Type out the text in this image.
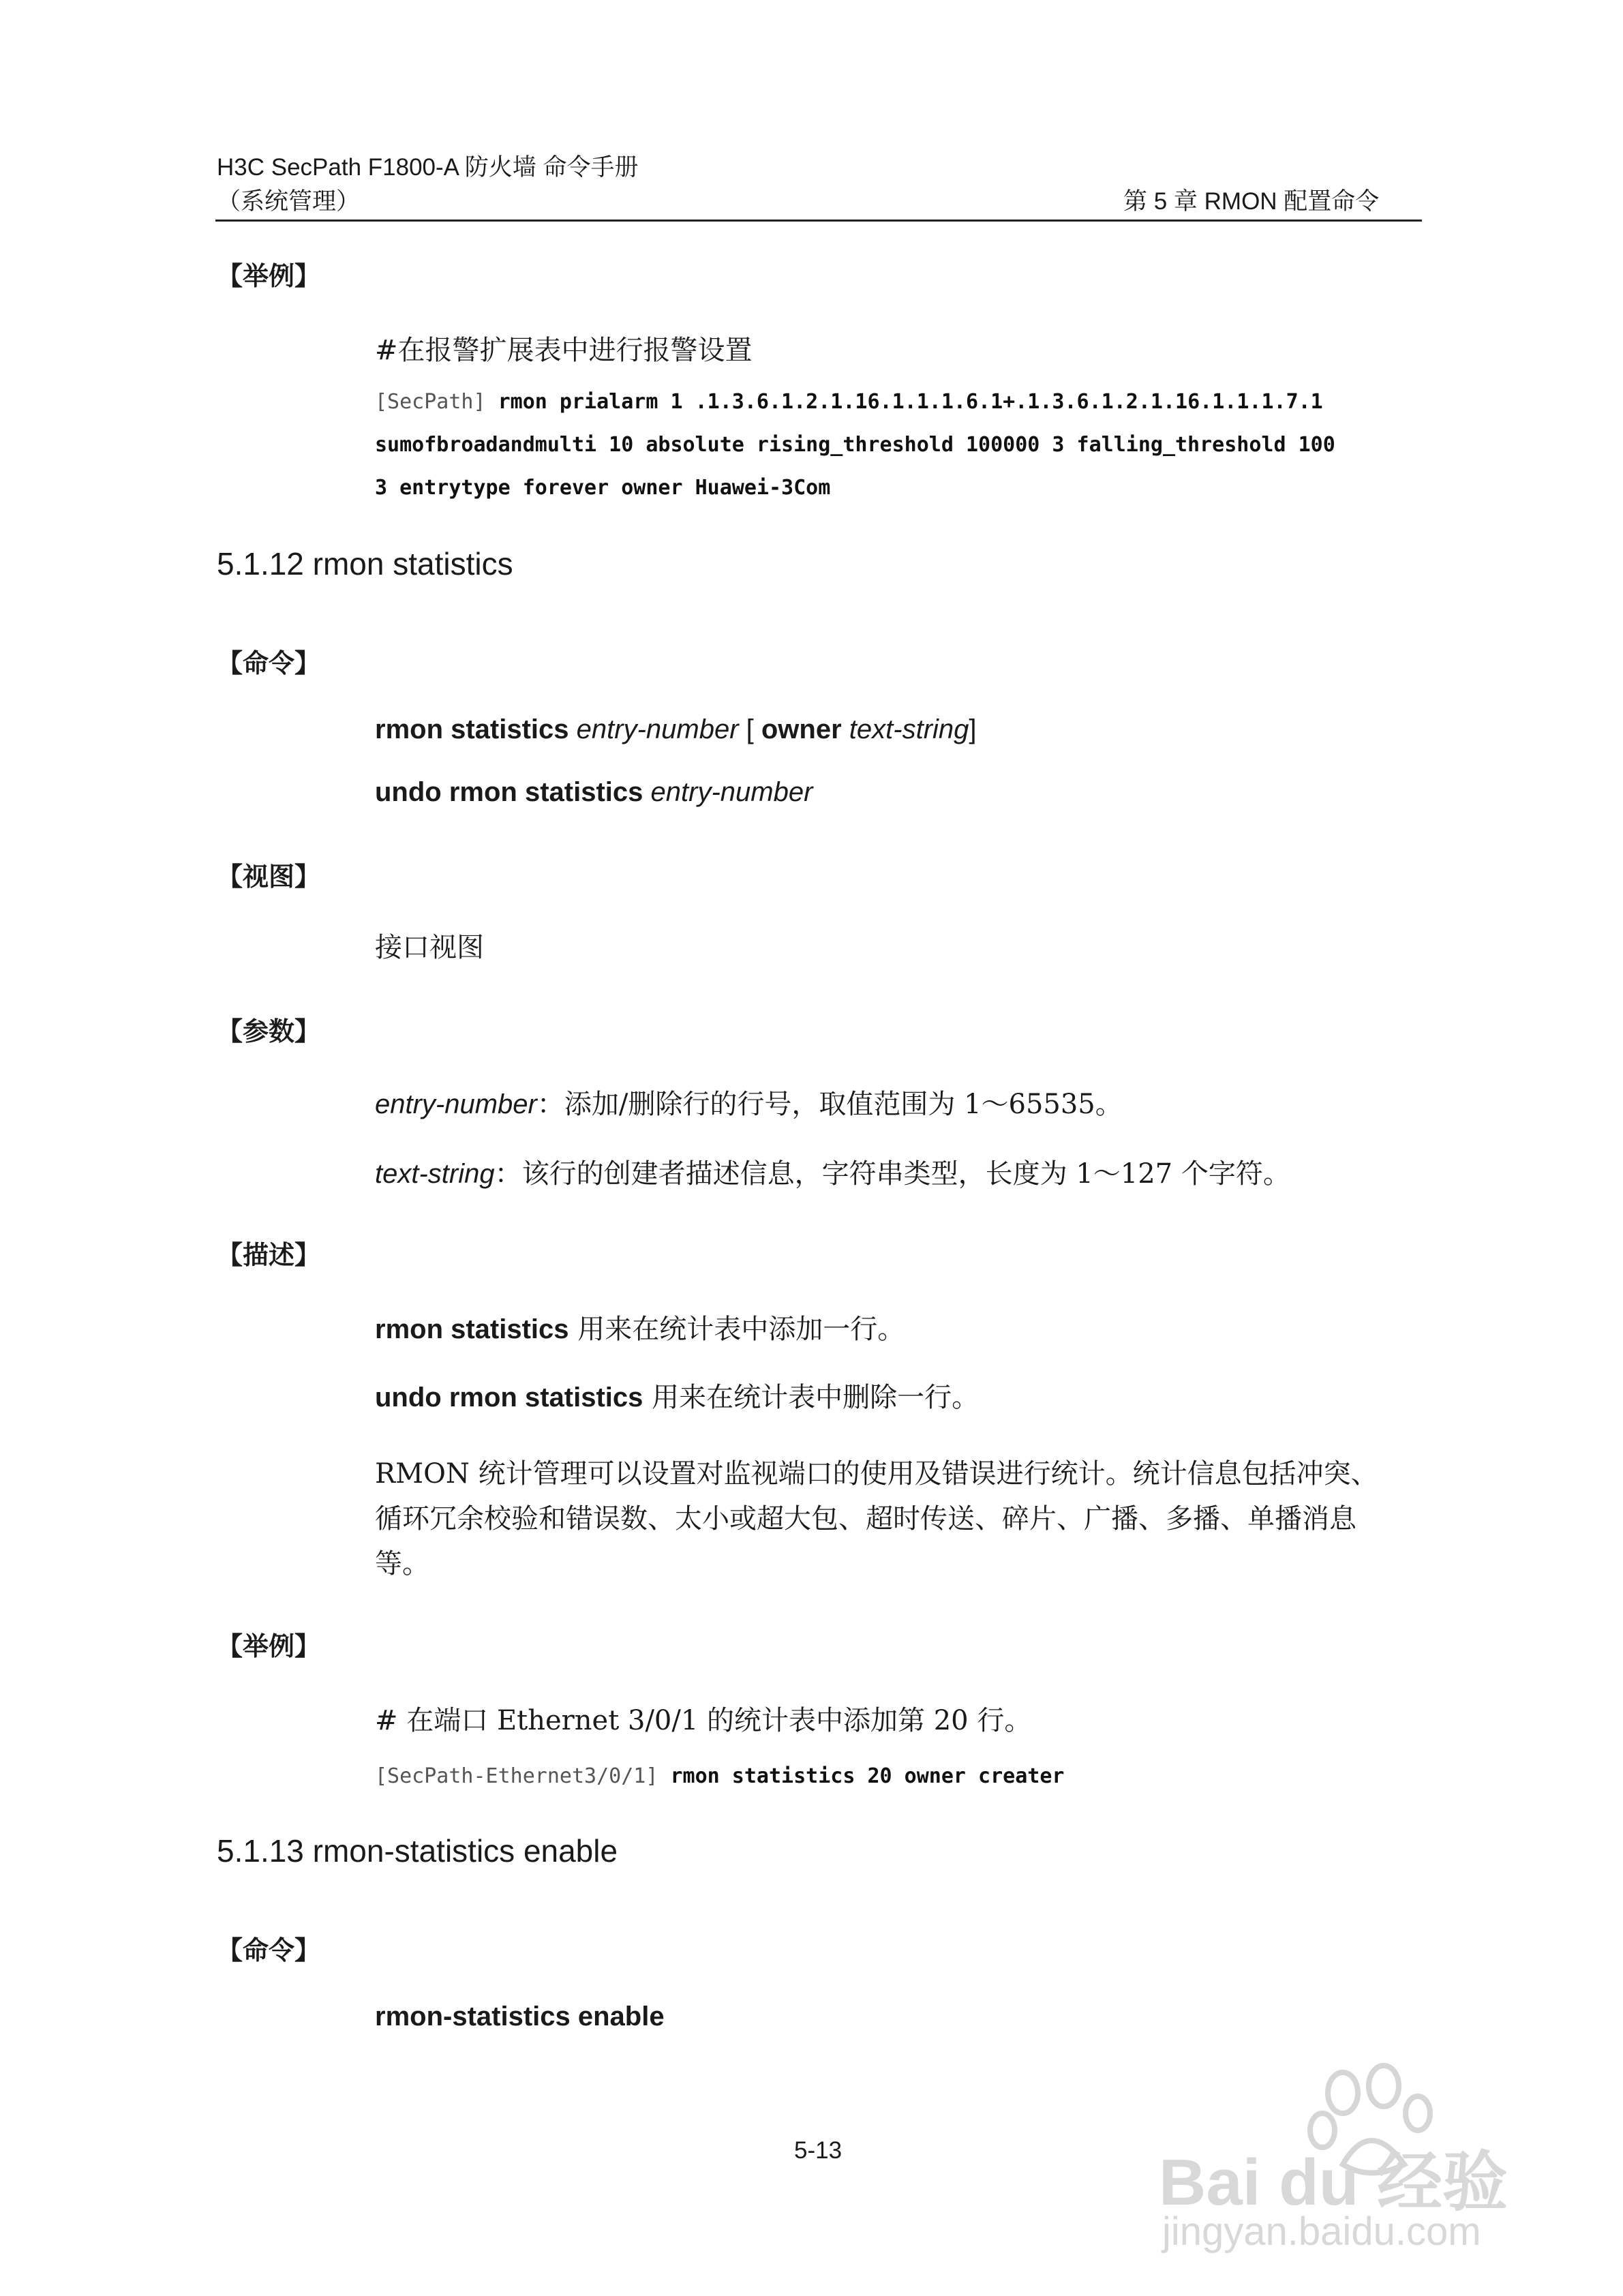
H3C SecPath F1800-A 防火墙 命令手册
（系统管理）	第 5 章 RMON 配置命令
【举例】
#在报警扩展表中进行报警设置
[SecPath] rmon prialarm 1 .1.3.6.1.2.1.16.1.1.1.6.1+.1.3.6.1.2.1.16.1.1.1.7.1
sumofbroadandmulti 10 absolute rising_threshold 100000 3 falling_threshold 100
3 entrytype forever owner Huawei-3Com
5.1.12 rmon statistics
【命令】
rmon statistics entry-number [ owner text-string]
undo rmon statistics entry-number
【视图】
接口视图
【参数】
entry-number：添加/删除行的行号，取值范围为 1～65535。
text-string：该行的创建者描述信息，字符串类型，长度为 1～127 个字符。
【描述】
rmon statistics 用来在统计表中添加一行。
undo rmon statistics 用来在统计表中删除一行。
RMON 统计管理可以设置对监视端口的使用及错误进行统计。统计信息包括冲突、
循环冗余校验和错误数、太小或超大包、超时传送、碎片、广播、多播、单播消息
等。
【举例】
# 在端口 Ethernet 3/0/1 的统计表中添加第 20 行。
[SecPath-Ethernet3/0/1] rmon statistics 20 owner creater
5.1.13 rmon-statistics enable
【命令】
rmon-statistics enable
5-13	Bai du 经验
jingyan.baidu.com
